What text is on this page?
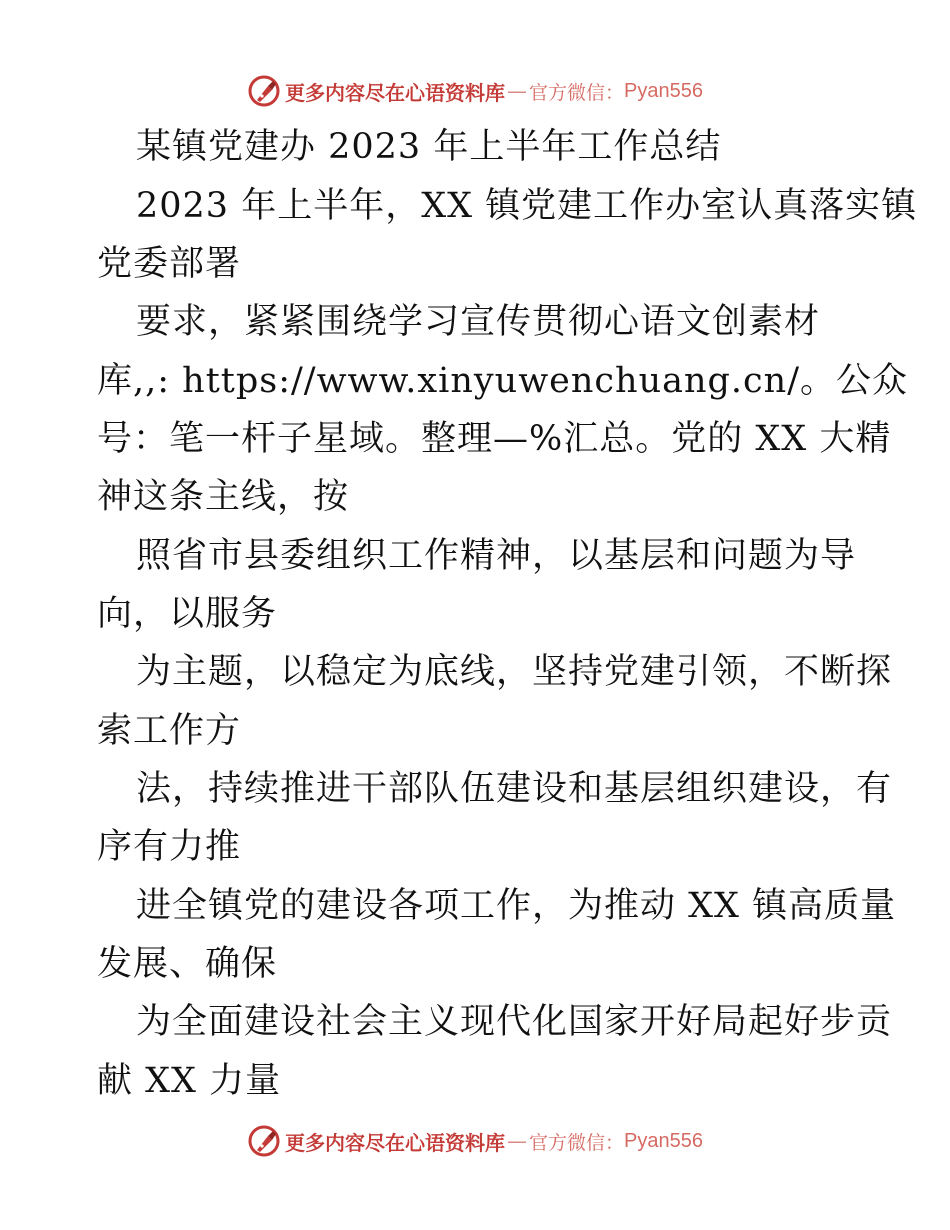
更多内容尽在心语资料库 — 官方微信： Pyan556
某镇党建办 2023 年上半年工作总结
2023 年上半年，XX 镇党建工作办室认真落实镇
党委部署
要求，紧紧围绕学习宣传贯彻心语文创素材
库,,: https://www.xinyuwenchuang.cn/。公众
号：笔一杆子星域。整理—%汇总。党的 XX 大精
神这条主线，按
照省市县委组织工作精神，以基层和问题为导
向，以服务
为主题，以稳定为底线，坚持党建引领，不断探
索工作方
法，持续推进干部队伍建设和基层组织建设，有
序有力推
进全镇党的建设各项工作，为推动 XX 镇高质量
发展、确保
为全面建设社会主义现代化国家开好局起好步贡
献 XX 力量
更多内容尽在心语资料库 — 官方微信： Pyan556
